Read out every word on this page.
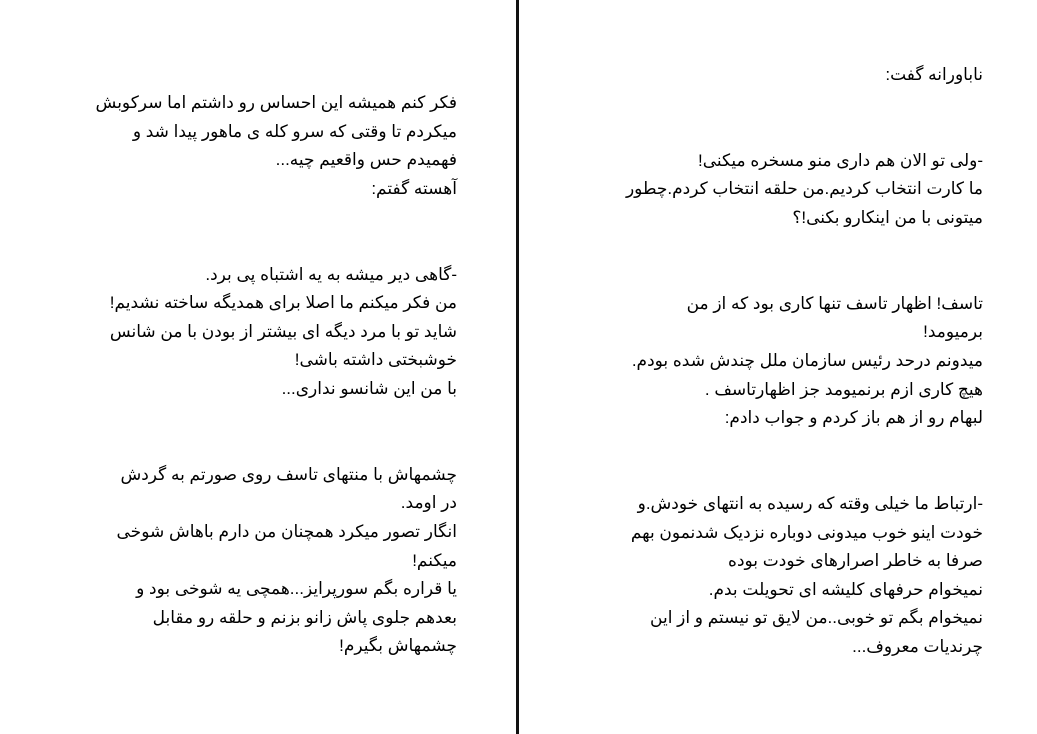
فکر کنم همیشه این احساس رو داشتم اما سرکوبش
میکردم تا وقتی که سرو کله ی ماهور پیدا شد و
فهمیدم حس واقعیم چیه...
آهسته گفتم:
-گاهی دیر میشه به یه اشتباه پی برد.
من فکر میکنم ما اصلا برای همدیگه ساخته نشدیم!
شاید تو با مرد دیگه ای بیشتر از بودن با من شانس
خوشبختی داشته باشی!
با من این شانسو نداری...
چشمهاش با منتهای تاسف روی صورتم به گردش
در اومد.
انگار تصور میکرد همچنان من دارم باهاش شوخی
میکنم!
یا قراره بگم سورپرایز...همچی یه شوخی بود و
بعدهم جلوی پاش زانو بزنم و حلقه رو مقابل
چشمهاش بگیرم!
ناباورانه گفت:
-ولی تو الان هم داری منو مسخره میکنی!
ما کارت انتخاب کردیم.من حلقه انتخاب کردم.چطور
میتونی با من اینکارو بکنی!؟
تاسف! اظهار تاسف تنها کاری بود که از من
برمیومد!
میدونم درحد رئیس سازمان ملل چندش شده بودم.
هیچ کاری ازم برنمیومد جز اظهارتاسف .
لبهام رو از هم باز کردم و جواب دادم:
-ارتباط ما خیلی وقته که رسیده به انتهای خودش.و
خودت اینو خوب میدونی دوباره نزدیک شدنمون بهم
صرفا به خاطر اصرارهای خودت بوده
نمیخوام حرفهای کلیشه ای تحویلت بدم.
نمیخوام بگم تو خوبی..من لایق تو نیستم و از این
چرندیات معروف...
